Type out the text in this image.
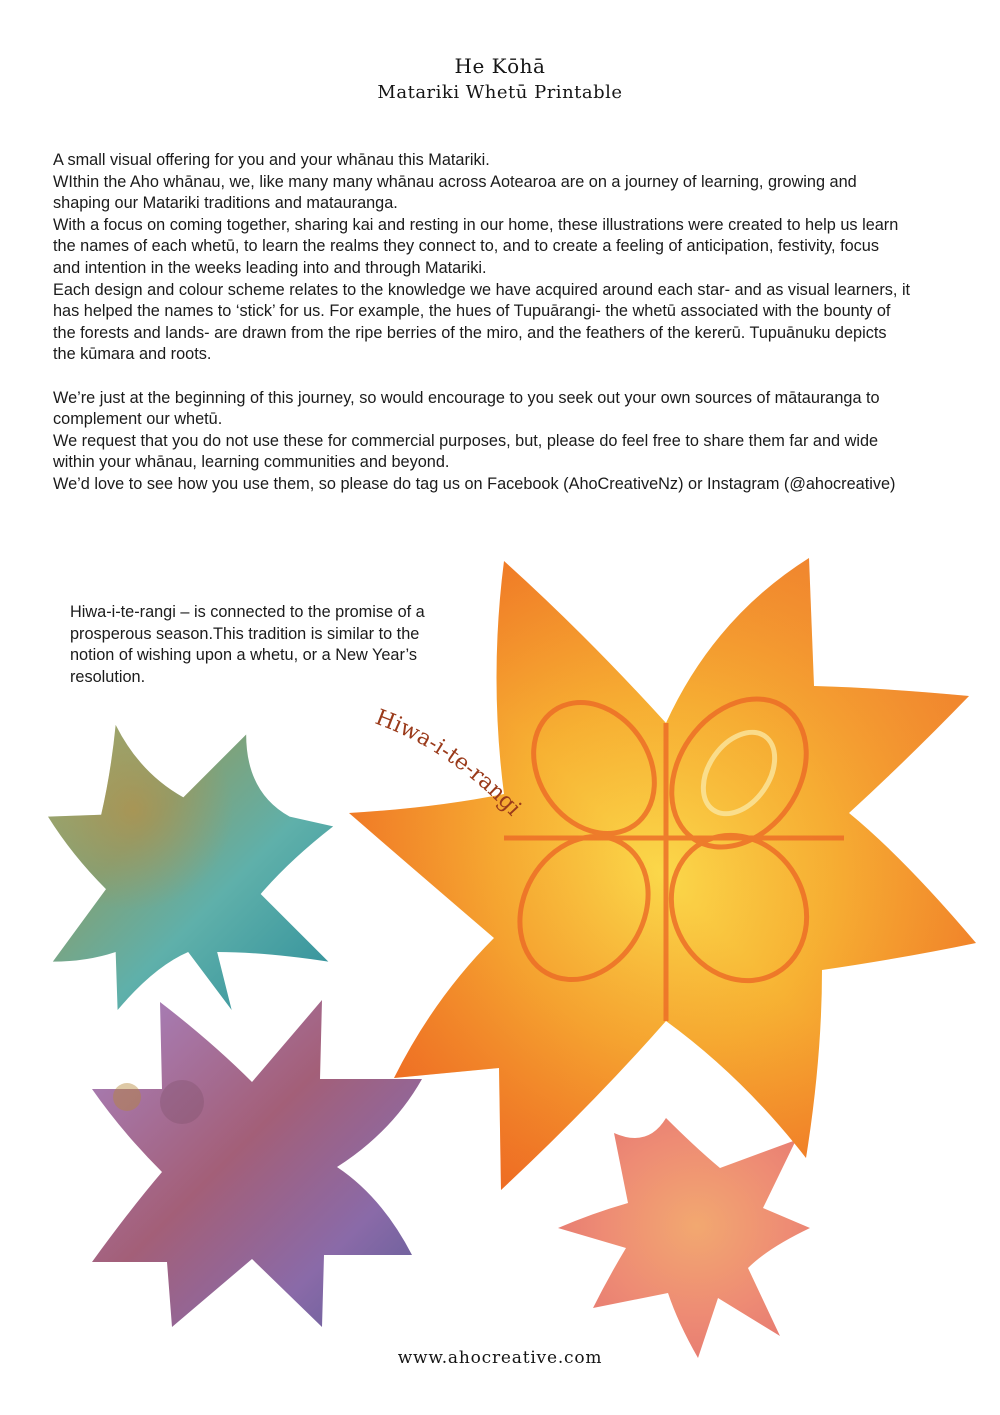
He Kōhā
Matariki Whetū Printable
A small visual offering for you and your whānau this Matariki.
WIthin the Aho whānau, we, like many many whānau across Aotearoa are on a journey of learning, growing and
shaping our Matariki traditions and matauranga.
With a focus on coming together, sharing kai and resting in our home, these illustrations were created to help us learn
the names of each whetū, to learn the realms they connect to, and to create a feeling of anticipation, festivity, focus
and intention in the weeks leading into and through Matariki.
Each design and colour scheme relates to the knowledge we have acquired around each star- and as visual learners, it
has helped the names to ‘stick’ for us. For example, the hues of Tupuārangi- the whetū associated with the bounty of
the forests and lands- are drawn from the ripe berries of the miro, and the feathers of the kererū. Tupuānuku depicts
the kūmara and roots.
We’re just at the beginning of this journey, so would encourage to you seek out your own sources of mātauranga to
complement our whetū.
We request that you do not use these for commercial purposes, but, please do feel free to share them far and wide
within your whānau, learning communities and beyond.
We’d love to see how you use them, so please do tag us on Facebook (AhoCreativeNz) or Instagram (@ahocreative)
Hiwa-i-te-rangi – is connected to the promise of a
prosperous season.This tradition is similar to the
notion of wishing upon a whetu, or a New Year’s
resolution.
Hiwa-i-te-rangi
www.ahocreative.com
